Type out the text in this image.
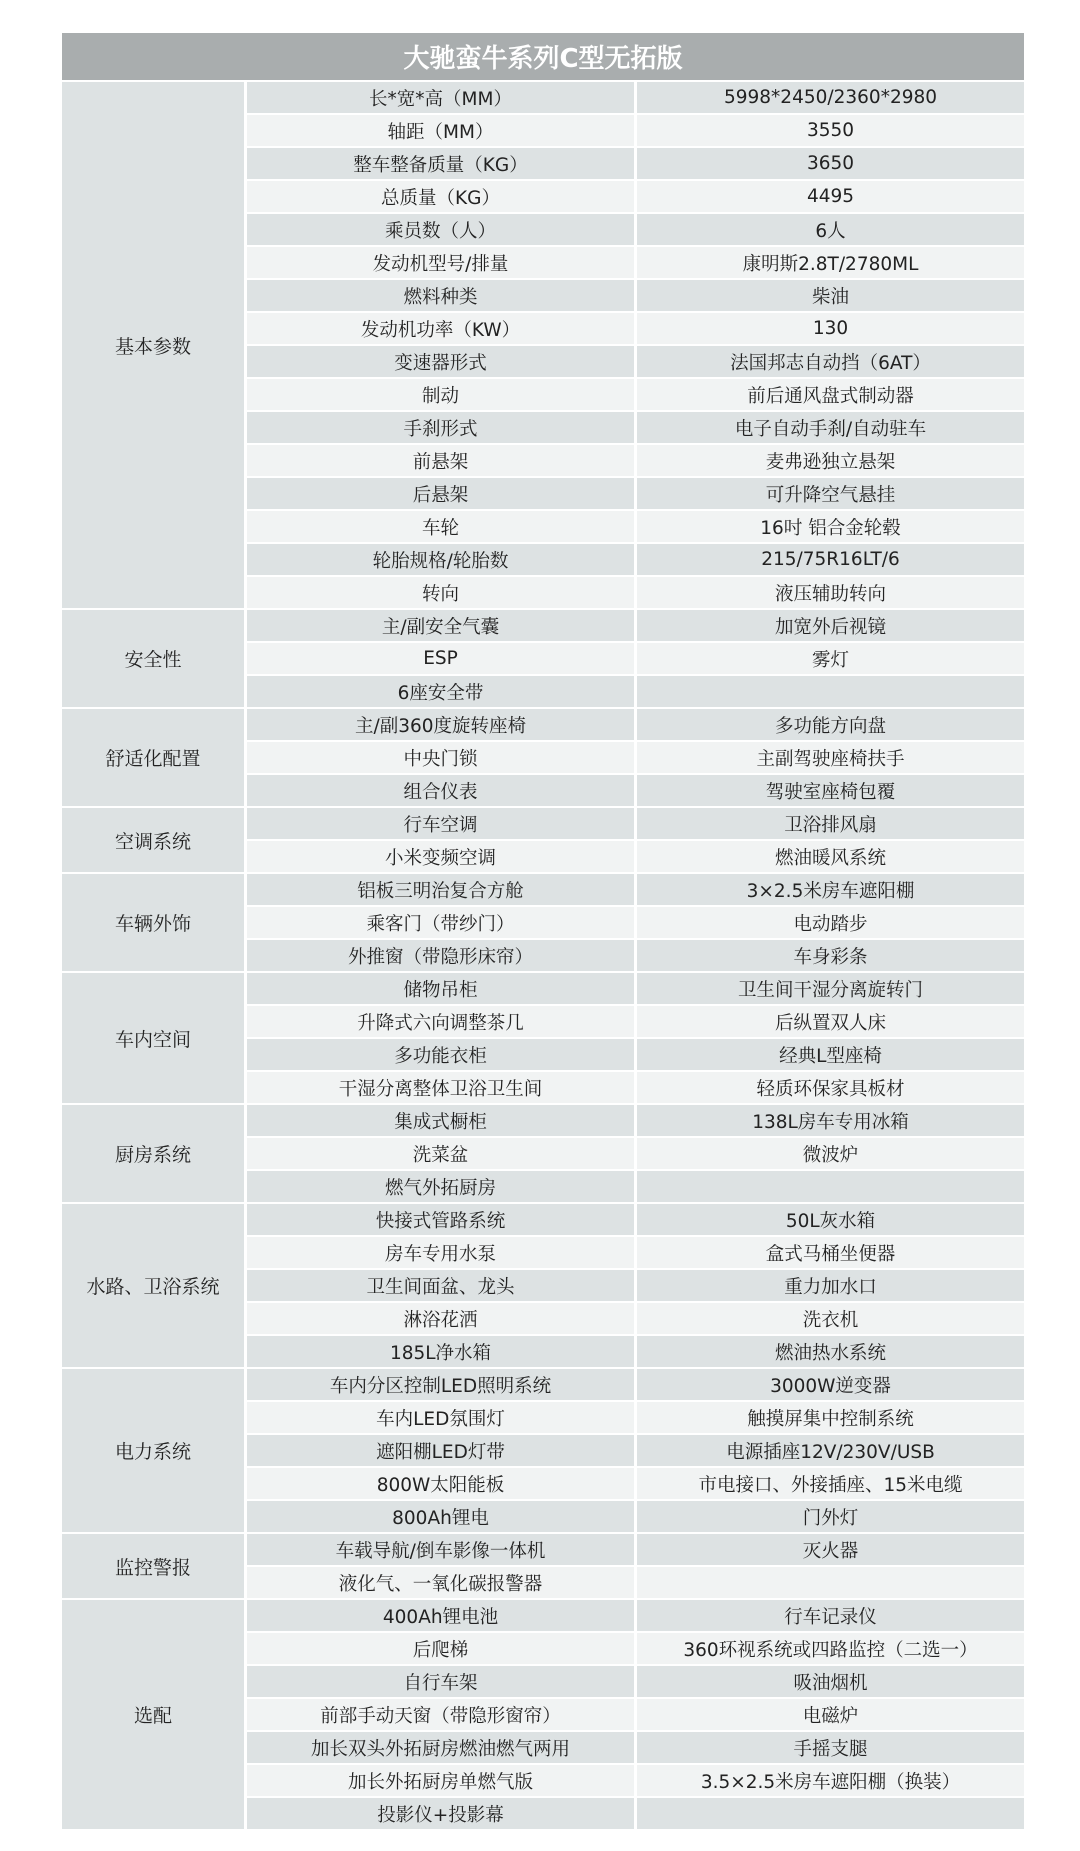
大驰蛮牛系列C型无拓版
基本参数
长*宽*高（MM）	5998*2450/2360*2980
轴距（MM）	3550
整车整备质量（KG）	3650
总质量（KG）	4495
乘员数（人）	6人
发动机型号/排量	康明斯2.8T/2780ML
燃料种类	柴油
发动机功率（KW）	130
变速器形式	法国邦志自动挡（6AT）
制动	前后通风盘式制动器
手刹形式	电子自动手刹/自动驻车
前悬架	麦弗逊独立悬架
后悬架	可升降空气悬挂
车轮	16吋 铝合金轮毂
轮胎规格/轮胎数	215/75R16LT/6
转向	液压辅助转向
安全性
主/副安全气囊	加宽外后视镜
ESP	雾灯
6座安全带
舒适化配置
主/副360度旋转座椅	多功能方向盘
中央门锁	主副驾驶座椅扶手
组合仪表	驾驶室座椅包覆
空调系统
行车空调	卫浴排风扇
小米变频空调	燃油暖风系统
车辆外饰
铝板三明治复合方舱	3×2.5米房车遮阳棚
乘客门（带纱门）	电动踏步
外推窗（带隐形床帘）	车身彩条
车内空间
储物吊柜	卫生间干湿分离旋转门
升降式六向调整茶几	后纵置双人床
多功能衣柜	经典L型座椅
干湿分离整体卫浴卫生间	轻质环保家具板材
厨房系统
集成式橱柜	138L房车专用冰箱
洗菜盆	微波炉
燃气外拓厨房
水路、卫浴系统
快接式管路系统	50L灰水箱
房车专用水泵	盒式马桶坐便器
卫生间面盆、龙头	重力加水口
淋浴花洒	洗衣机
185L净水箱	燃油热水系统
电力系统
车内分区控制LED照明系统	3000W逆变器
车内LED氛围灯	触摸屏集中控制系统
遮阳棚LED灯带	电源插座12V/230V/USB
800W太阳能板	市电接口、外接插座、15米电缆
800Ah锂电	门外灯
监控警报
车载导航/倒车影像一体机	灭火器
液化气、一氧化碳报警器
选配
400Ah锂电池	行车记录仪
后爬梯	360环视系统或四路监控（二选一）
自行车架	吸油烟机
前部手动天窗（带隐形窗帘）	电磁炉
加长双头外拓厨房燃油燃气两用	手摇支腿
加长外拓厨房单燃气版	3.5×2.5米房车遮阳棚（换装）
投影仪+投影幕
